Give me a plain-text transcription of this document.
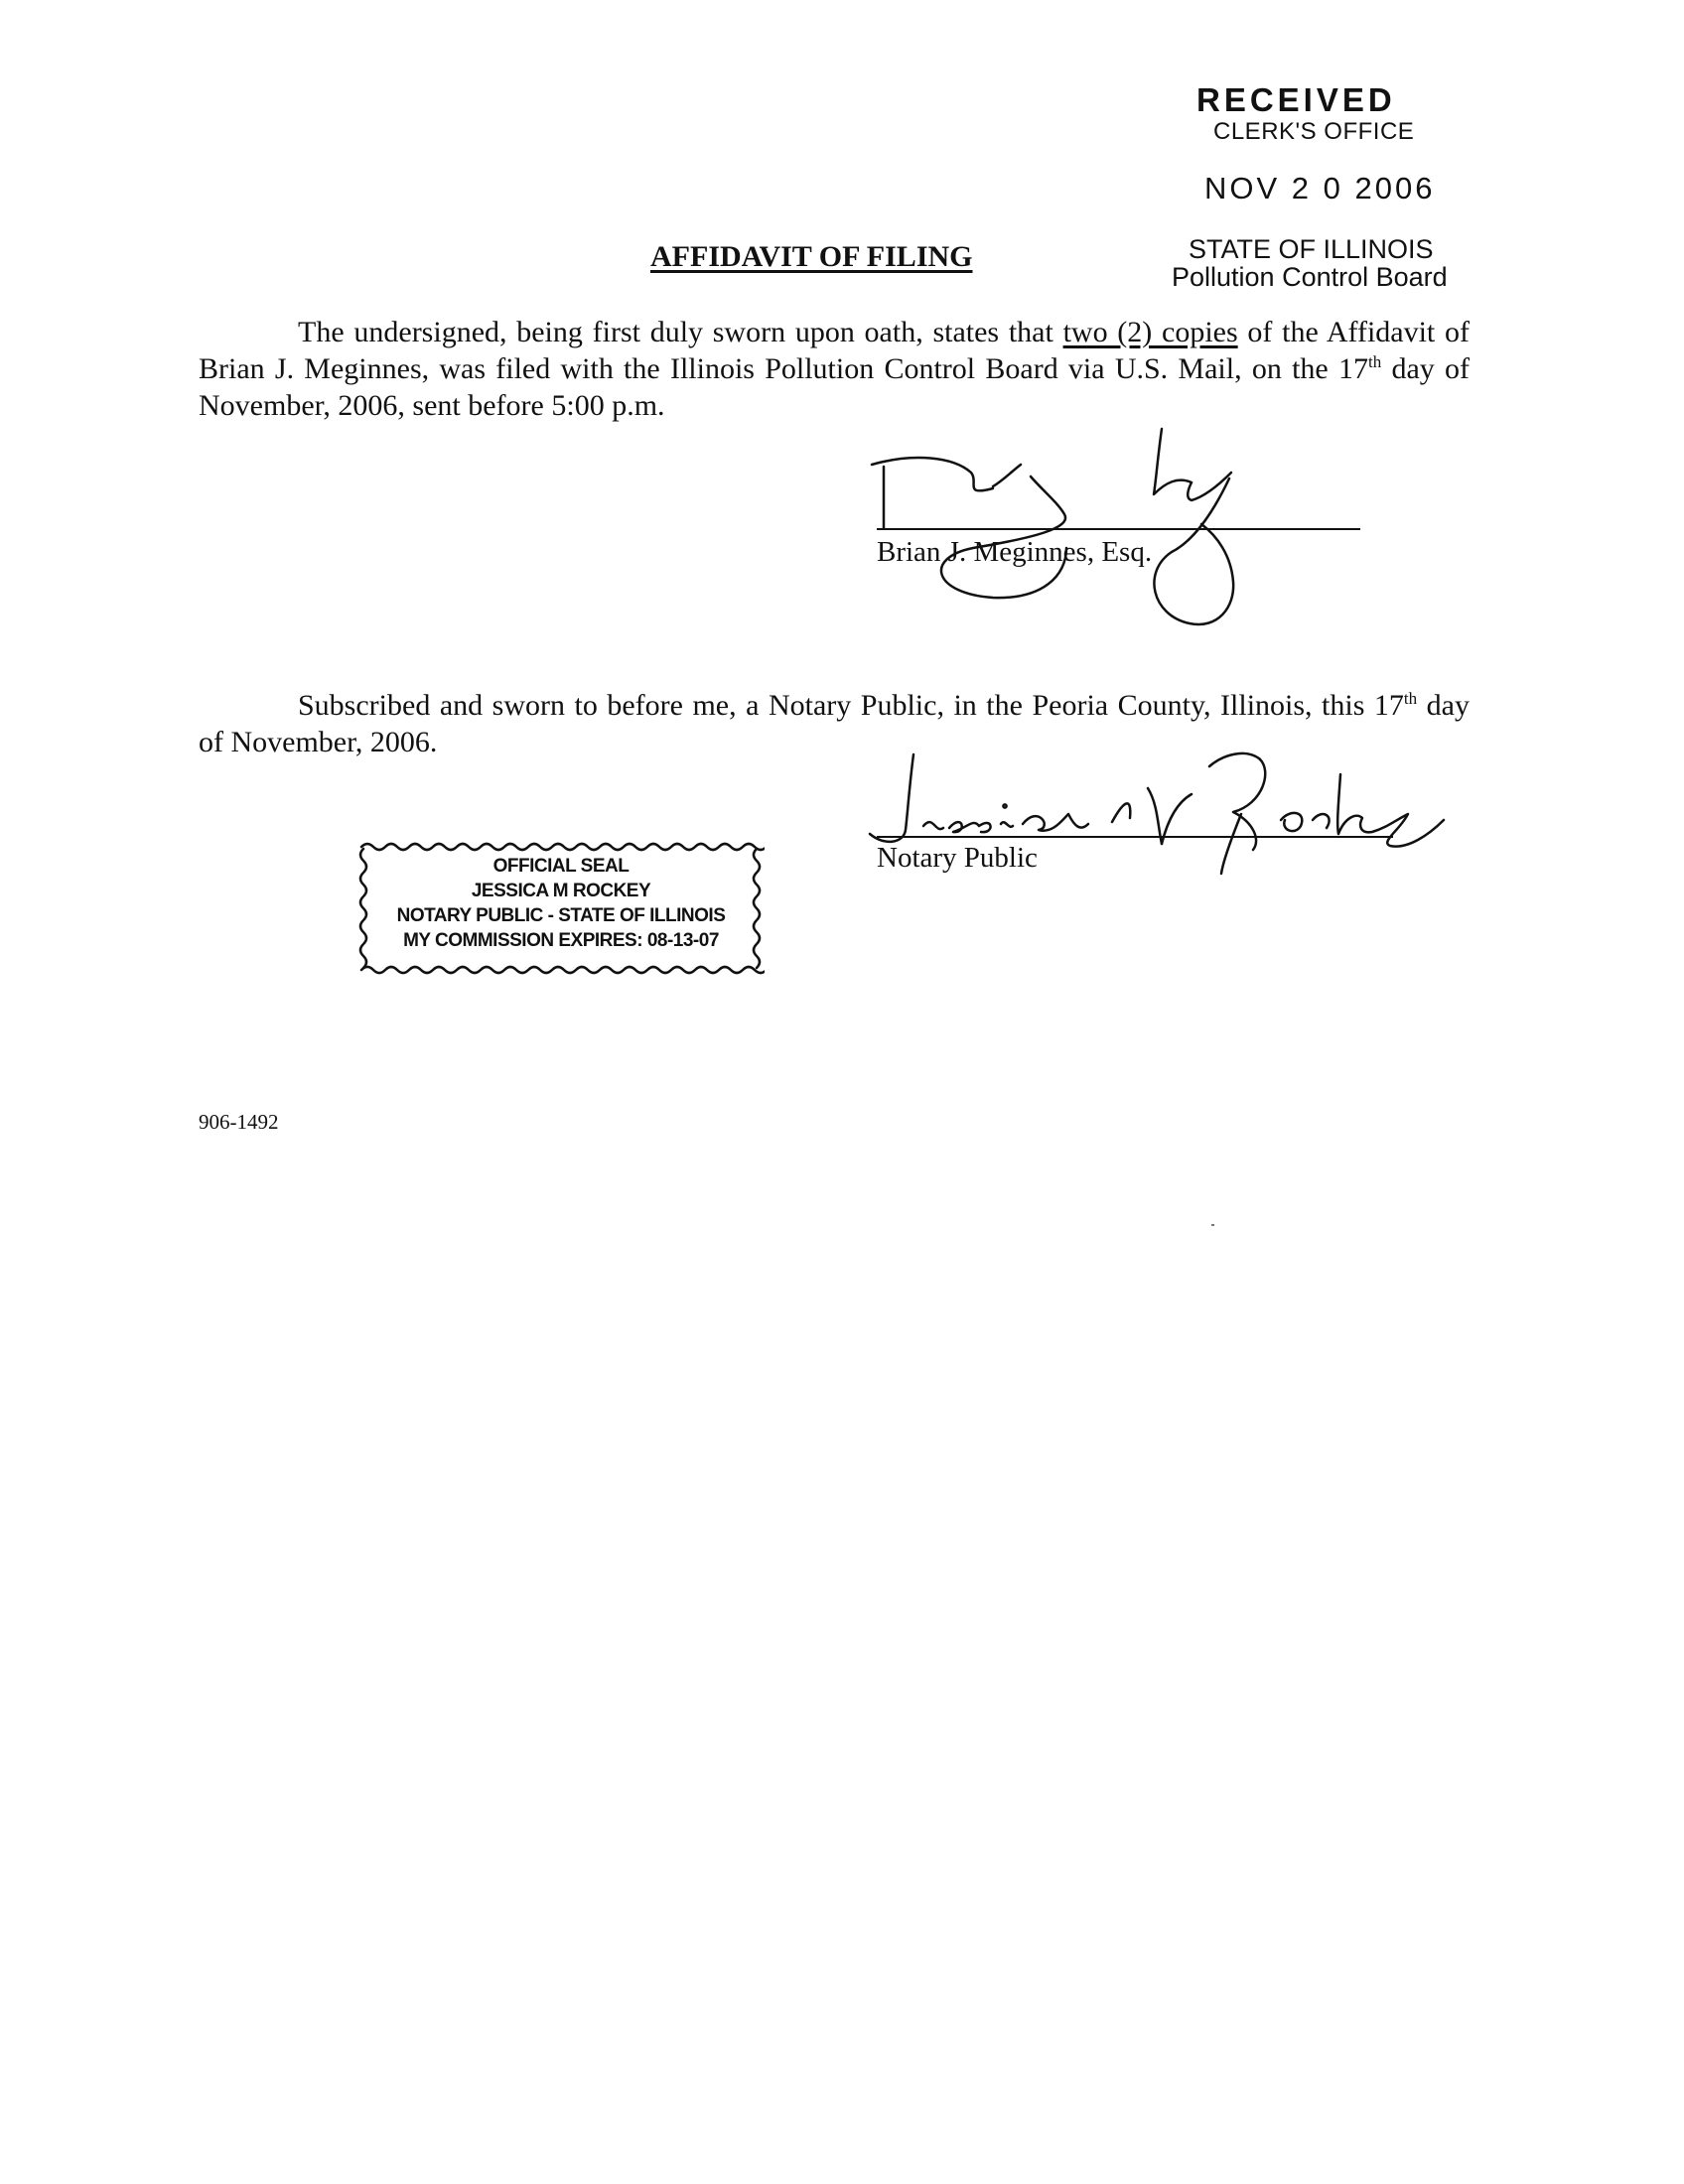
RECEIVED
CLERK'S OFFICE
NOV 2 0 2006
STATE OF ILLINOIS
Pollution Control Board
AFFIDAVIT OF FILING
The undersigned, being first duly sworn upon oath, states that two (2) copies of the Affidavit of Brian J. Meginnes, was filed with the Illinois Pollution Control Board via U.S. Mail, on the 17th day of November, 2006, sent before 5:00 p.m.
Brian J. Meginnes, Esq.
Subscribed and sworn to before me, a Notary Public, in the Peoria County, Illinois, this 17th day of November, 2006.
Notary Public
OFFICIAL SEAL
JESSICA M ROCKEY
NOTARY PUBLIC - STATE OF ILLINOIS
MY COMMISSION EXPIRES: 08-13-07
906-1492
